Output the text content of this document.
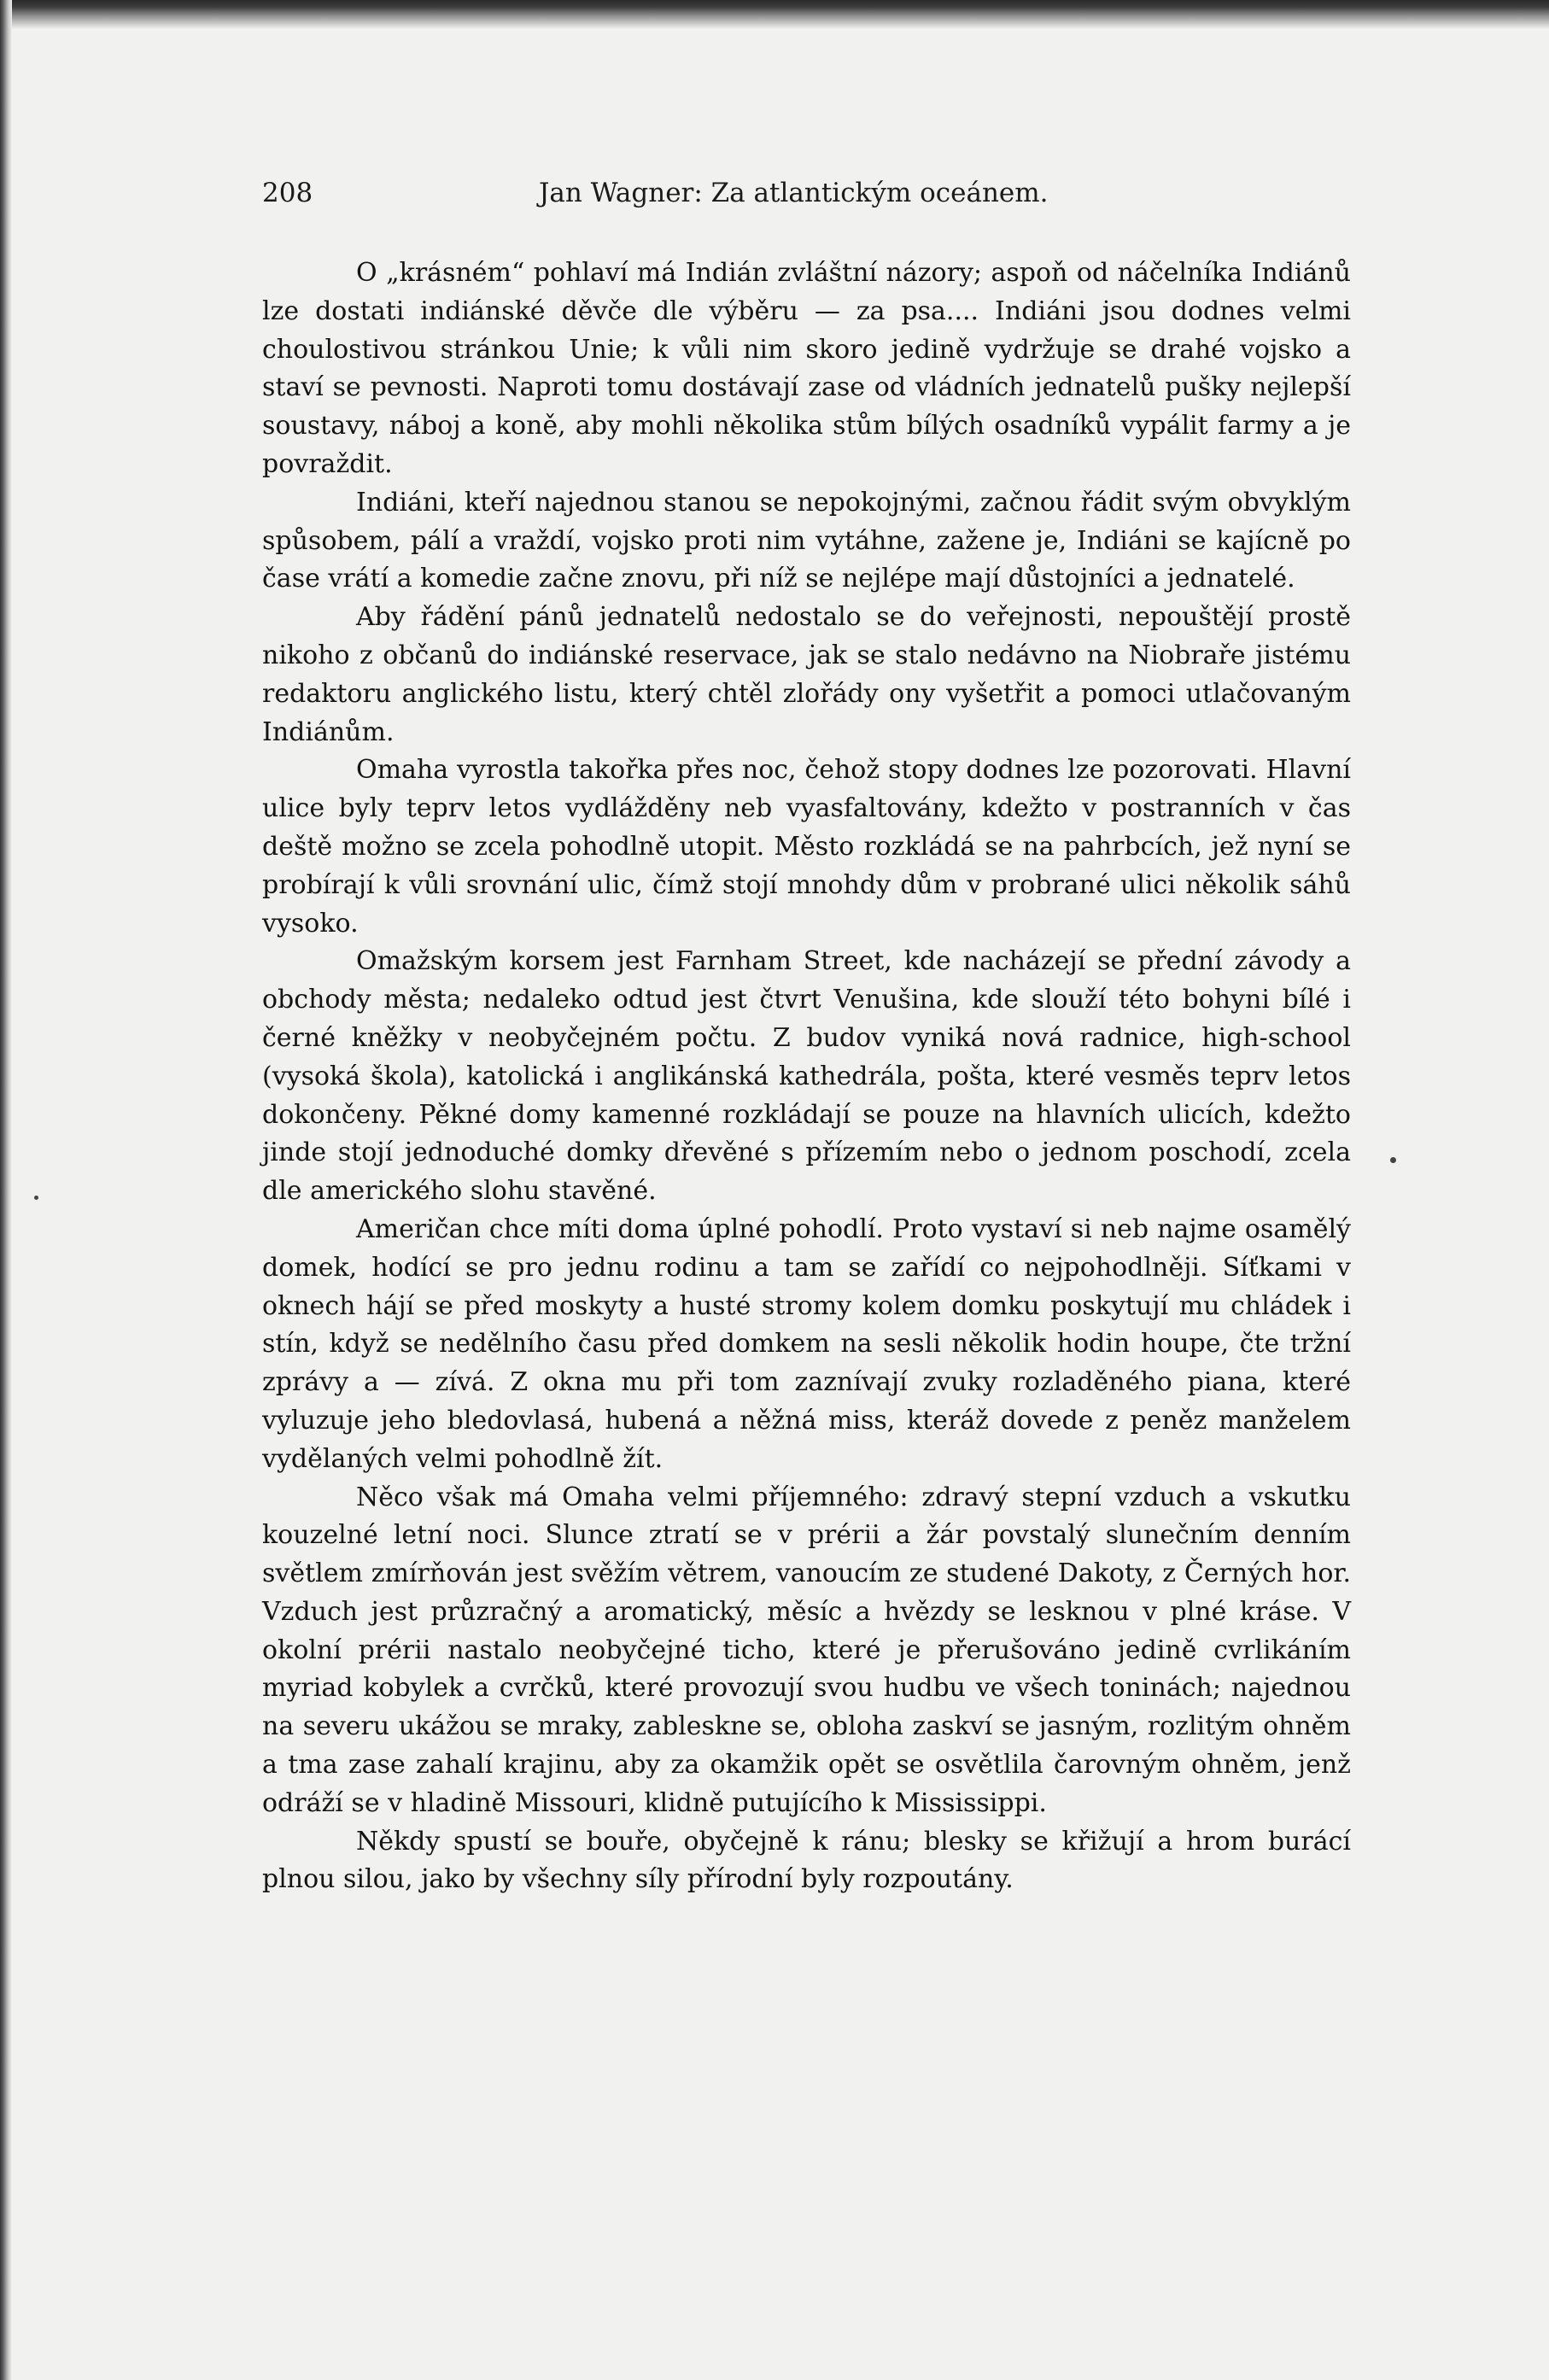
208	Jan Wagner: Za atlantickým oceánem.

O „krásném“ pohlaví má Indián zvláštní názory; aspoň od náčelníka Indiánů lze dostati indiánské děvče dle výběru — za psa.... Indiáni jsou dodnes velmi choulostivou stránkou Unie; k vůli nim skoro jedině vydržuje se drahé vojsko a staví se pevnosti. Naproti tomu dostávají zase od vládních jednatelů pušky nejlepší soustavy, náboj a koně, aby mohli několika stům bílých osadníků vypálit farmy a je povraždit.

Indiáni, kteří najednou stanou se nepokojnými, začnou řádit svým obvyklým spůsobem, pálí a vraždí, vojsko proti nim vytáhne, zažene je, Indiáni se kajícně po čase vrátí a komedie začne znovu, při níž se nejlépe mají důstojníci a jednatelé.

Aby řádění pánů jednatelů nedostalo se do veřejnosti, nepouštějí prostě nikoho z občanů do indiánské reservace, jak se stalo nedávno na Niobraře jistému redaktoru anglického listu, který chtěl zlořády ony vyšetřit a pomoci utlačovaným Indiánům.

Omaha vyrostla takořka přes noc, čehož stopy dodnes lze pozorovati. Hlavní ulice byly teprv letos vydlážděny neb vyasfaltovány, kdežto v postranních v čas deště možno se zcela pohodlně utopit. Město rozkládá se na pahrbcích, jež nyní se probírají k vůli srovnání ulic, čímž stojí mnohdy dům v probrané ulici několik sáhů vysoko.

Omažským korsem jest Farnham Street, kde nacházejí se přední závody a obchody města; nedaleko odtud jest čtvrt Venušina, kde slouží této bohyni bílé i černé kněžky v neobyčejném počtu. Z budov vyniká nová radnice, high-school (vysoká škola), katolická i anglikánská kathedrála, pošta, které vesměs teprv letos dokončeny. Pěkné domy kamenné rozkládají se pouze na hlavních ulicích, kdežto jinde stojí jednoduché domky dřevěné s přízemím nebo o jednom poschodí, zcela dle amerického slohu stavěné.

Američan chce míti doma úplné pohodlí. Proto vystaví si neb najme osamělý domek, hodící se pro jednu rodinu a tam se zařídí co nejpohodlněji. Síťkami v oknech hájí se před moskyty a husté stromy kolem domku poskytují mu chládek i stín, když se nedělního času před domkem na sesli několik hodin houpe, čte tržní zprávy a — zívá. Z okna mu při tom zaznívají zvuky rozladěného piana, které vyluzuje jeho bledovlasá, hubená a něžná miss, kteráž dovede z peněz manželem vydělaných velmi pohodlně žít.

Něco však má Omaha velmi příjemného: zdravý stepní vzduch a vskutku kouzelné letní noci. Slunce ztratí se v prérii a žár povstalý slunečním denním světlem zmírňován jest svěžím větrem, vanoucím ze studené Dakoty, z Černých hor. Vzduch jest průzračný a aromatický, měsíc a hvězdy se lesknou v plné kráse. V okolní prérii nastalo neobyčejné ticho, které je přerušováno jedině cvrlikáním myriad kobylek a cvrčků, které provozují svou hudbu ve všech toninách; najednou na severu ukážou se mraky, zableskne se, obloha zaskví se jasným, rozlitým ohněm a tma zase zahalí krajinu, aby za okamžik opět se osvětlila čarovným ohněm, jenž odráží se v hladině Missouri, klidně putujícího k Mississippi.

Někdy spustí se bouře, obyčejně k ránu; blesky se křižují a hrom burácí plnou silou, jako by všechny síly přírodní byly rozpoutány.
